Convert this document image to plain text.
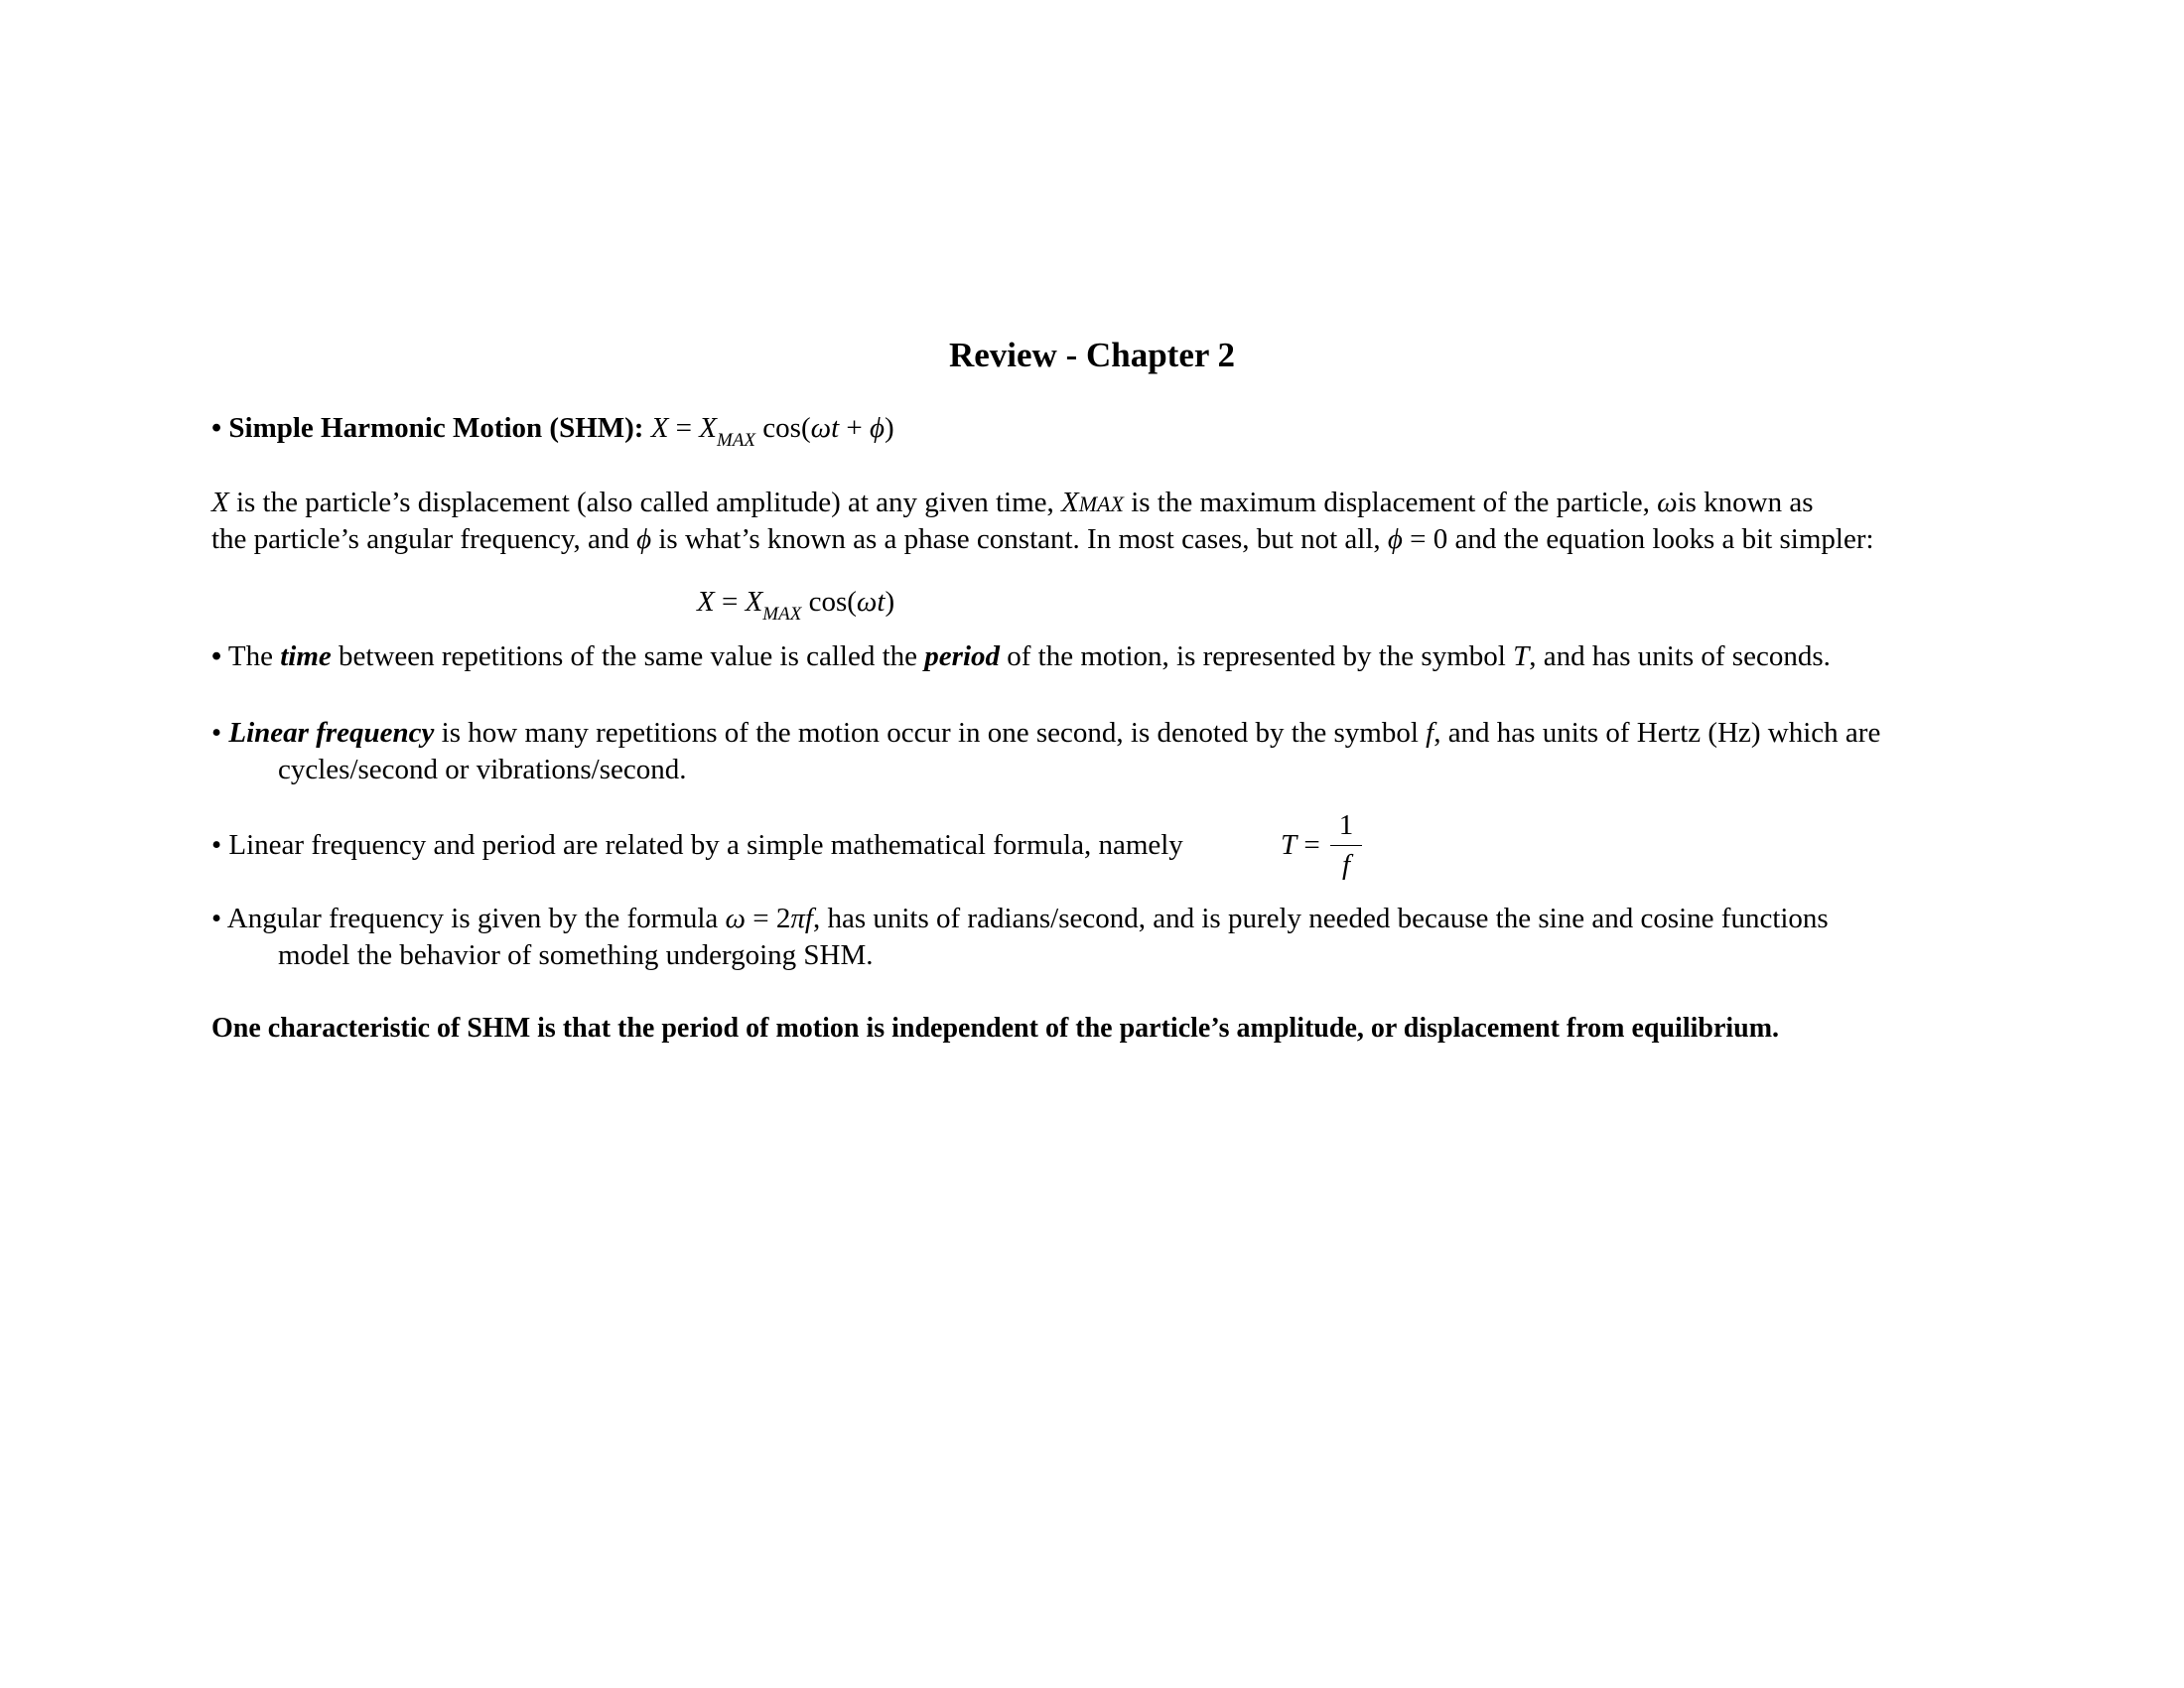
Review - Chapter 2
• Simple Harmonic Motion (SHM): $X = X_{MAX}$ cos(ωt + ϕ)
X is the particle’s displacement (also called amplitude) at any given time, XMAX is the maximum displacement of the particle, ωis known as
the particle’s angular frequency, and ϕ is what’s known as a phase constant. In most cases, but not all, ϕ = 0 and the equation looks a bit simpler:
$X = X_{MAX}$ cos(ωt)
• The time between repetitions of the same value is called the period of the motion, is represented by the symbol T, and has units of seconds.
• Linear frequency is how many repetitions of the motion occur in one second, is denoted by the symbol f, and has units of Hertz (Hz) which are
cycles/second or vibrations/second.
• Linear frequency and period are related by a simple mathematical formula, namely	T =
1
f
• Angular frequency is given by the formula ω = 2πf, has units of radians/second, and is purely needed because the sine and cosine functions
model the behavior of something undergoing SHM.
One characteristic of SHM is that the period of motion is independent of the particle’s amplitude, or displacement from equilibrium.
